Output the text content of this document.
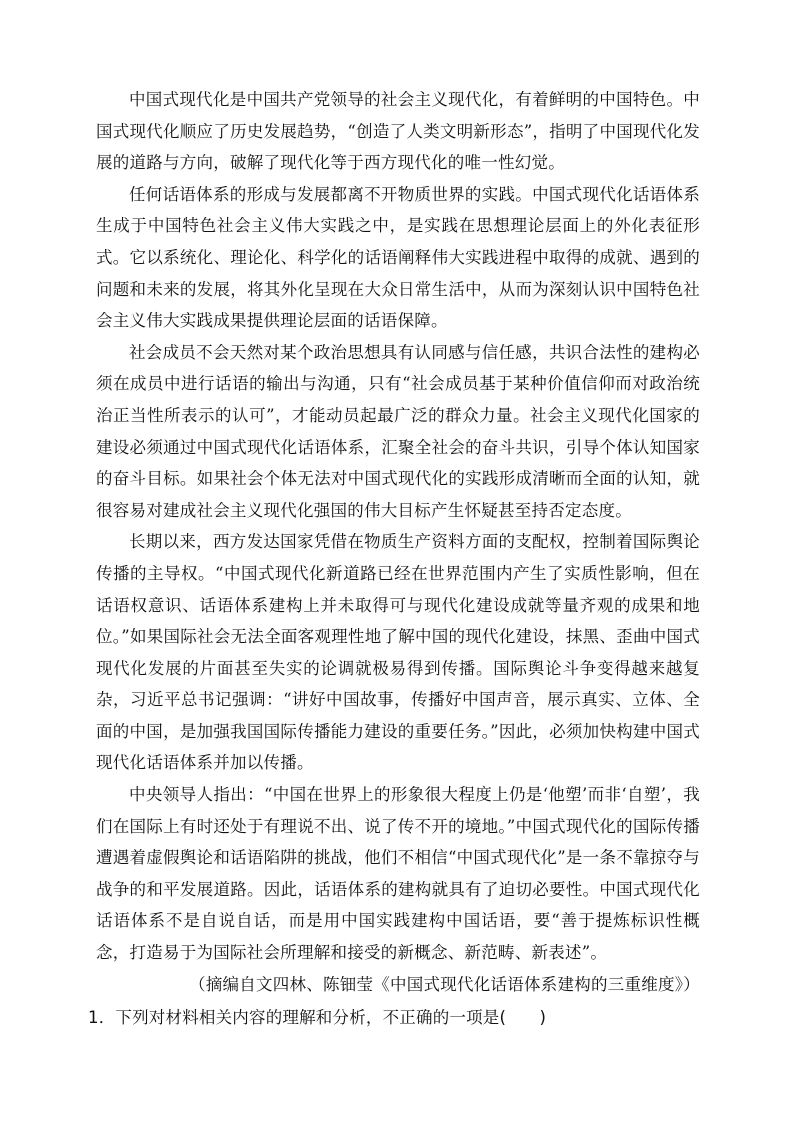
中国式现代化是中国共产党领导的社会主义现代化，有着鲜明的中国特色。中国式现代化顺应了历史发展趋势，“创造了人类文明新形态”，指明了中国现代化发展的道路与方向，破解了现代化等于西方现代化的唯一性幻觉。

任何话语体系的形成与发展都离不开物质世界的实践。中国式现代化话语体系生成于中国特色社会主义伟大实践之中，是实践在思想理论层面上的外化表征形式。它以系统化、理论化、科学化的话语阐释伟大实践进程中取得的成就、遇到的问题和未来的发展，将其外化呈现在大众日常生活中，从而为深刻认识中国特色社会主义伟大实践成果提供理论层面的话语保障。

社会成员不会天然对某个政治思想具有认同感与信任感，共识合法性的建构必须在成员中进行话语的输出与沟通，只有“社会成员基于某种价值信仰而对政治统治正当性所表示的认可”，才能动员起最广泛的群众力量。社会主义现代化国家的建设必须通过中国式现代化话语体系，汇聚全社会的奋斗共识，引导个体认知国家的奋斗目标。如果社会个体无法对中国式现代化的实践形成清晰而全面的认知，就很容易对建成社会主义现代化强国的伟大目标产生怀疑甚至持否定态度。

长期以来，西方发达国家凭借在物质生产资料方面的支配权，控制着国际舆论传播的主导权。“中国式现代化新道路已经在世界范围内产生了实质性影响，但在话语权意识、话语体系建构上并未取得可与现代化建设成就等量齐观的成果和地位。”如果国际社会无法全面客观理性地了解中国的现代化建设，抹黑、歪曲中国式现代化发展的片面甚至失实的论调就极易得到传播。国际舆论斗争变得越来越复杂，习近平总书记强调：“讲好中国故事，传播好中国声音，展示真实、立体、全面的中国，是加强我国国际传播能力建设的重要任务。”因此，必须加快构建中国式现代化话语体系并加以传播。

中央领导人指出：“中国在世界上的形象很大程度上仍是‘他塑’而非‘自塑’，我们在国际上有时还处于有理说不出、说了传不开的境地。”中国式现代化的国际传播遭遇着虚假舆论和话语陷阱的挑战，他们不相信“中国式现代化”是一条不靠掠夺与战争的和平发展道路。因此，话语体系的建构就具有了迫切必要性。中国式现代化话语体系不是自说自话，而是用中国实践建构中国话语，要“善于提炼标识性概念，打造易于为国际社会所理解和接受的新概念、新范畴、新表述”。

（摘编自文四林、陈钿莹《中国式现代化话语体系建构的三重维度》）

1．下列对材料相关内容的理解和分析，不正确的一项是(　　)
